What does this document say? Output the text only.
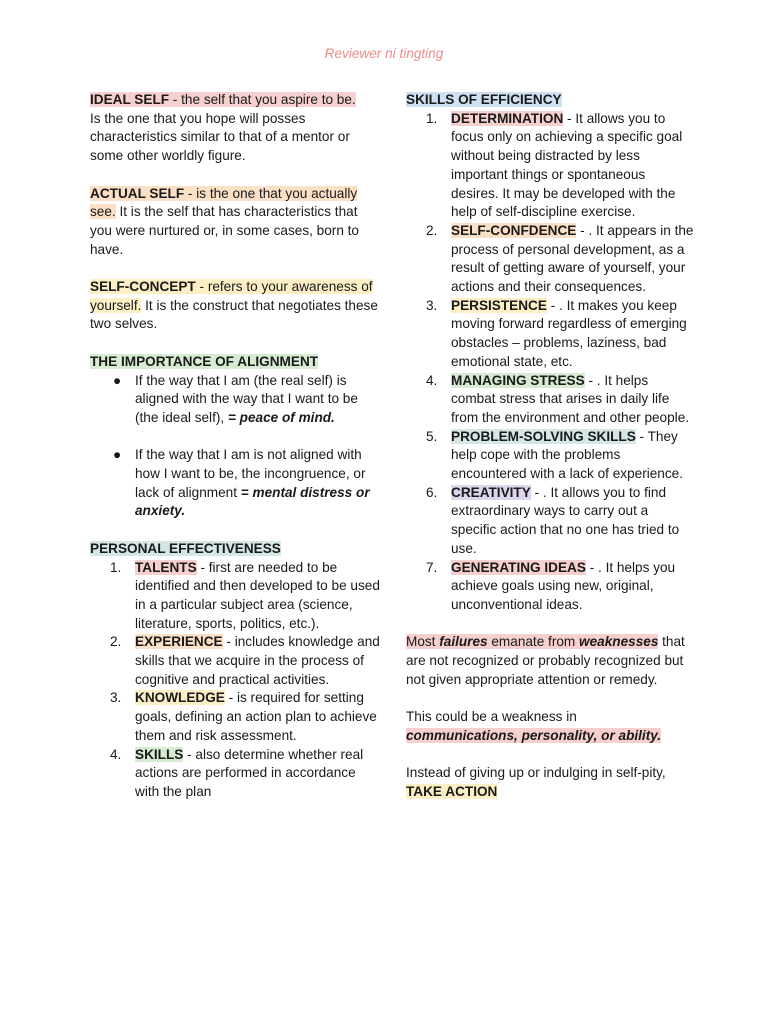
Reviewer ni tingting

IDEAL SELF - the self that you aspire to be.
Is the one that you hope will posses characteristics similar to that of a mentor or some other worldly figure.

ACTUAL SELF - is the one that you actually see. It is the self that has characteristics that you were nurtured or, in some cases, born to have.

SELF-CONCEPT - refers to your awareness of yourself. It is the construct that negotiates these two selves.

THE IMPORTANCE OF ALIGNMENT

● If the way that I am (the real self) is aligned with the way that I want to be (the ideal self), = peace of mind.
● If the way that I am is not aligned with how I want to be, the incongruence, or lack of alignment = mental distress or anxiety.

PERSONAL EFFECTIVENESS

1.	TALENTS - first are needed to be identified and then developed to be used in a particular subject area (science, literature, sports, politics, etc.).
2.	EXPERIENCE - includes knowledge and skills that we acquire in the process of cognitive and practical activities.
3.	KNOWLEDGE - is required for setting goals, defining an action plan to achieve them and risk assessment.
4.	SKILLS - also determine whether real actions are performed in accordance with the plan

SKILLS OF EFFICIENCY

1.	DETERMINATION - It allows you to focus only on achieving a specific goal without being distracted by less important things or spontaneous desires. It may be developed with the help of self-discipline exercise.
2.	SELF-CONFDENCE - . It appears in the process of personal development, as a result of getting aware of yourself, your actions and their consequences.
3.	PERSISTENCE - . It makes you keep moving forward regardless of emerging obstacles – problems, laziness, bad emotional state, etc.
4.	MANAGING STRESS - . It helps combat stress that arises in daily life from the environment and other people.
5.	PROBLEM-SOLVING SKILLS - They help cope with the problems encountered with a lack of experience.
6.	CREATIVITY - . It allows you to find extraordinary ways to carry out a specific action that no one has tried to use.
7.	GENERATING IDEAS - . It helps you achieve goals using new, original, unconventional ideas.

Most failures emanate from weaknesses that are not recognized or probably recognized but not given appropriate attention or remedy.

This could be a weakness in
communications, personality, or ability.

Instead of giving up or indulging in self-pity,
TAKE ACTION
